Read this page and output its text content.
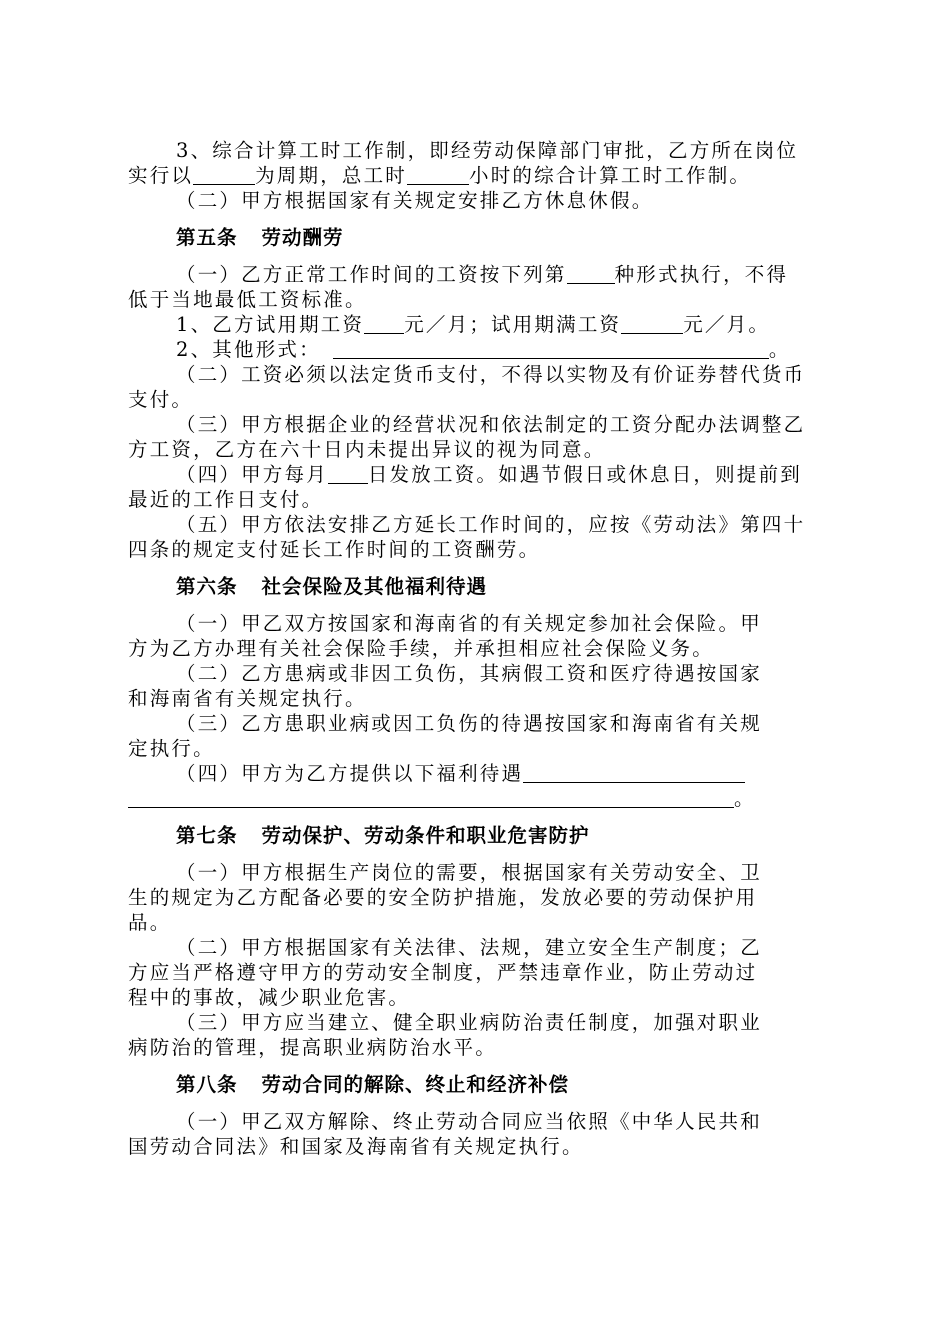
3、综合计算工时工作制，即经劳动保障部门审批，乙方所在岗位
实行以	为周期，总工时	小时的综合计算工时工作制。
（二）甲方根据国家有关规定安排乙方休息休假。
第五条 劳动酬劳
（一）乙方正常工作时间的工资按下列第 种形式执行，不得
低于当地最低工资标准。
1、乙方试用期工资 元／月；试用期满工资	元／月。
2、其他形式：	。
（二）工资必须以法定货币支付，不得以实物及有价证券替代货币
支付。
（三）甲方根据企业的经营状况和依法制定的工资分配办法调整乙
方工资，乙方在六十日内未提出异议的视为同意。
（四）甲方每月 日发放工资。如遇节假日或休息日，则提前到
最近的工作日支付。
（五）甲方依法安排乙方延长工作时间的，应按《劳动法》第四十
四条的规定支付延长工作时间的工资酬劳。
第六条 社会保险及其他福利待遇
（一）甲乙双方按国家和海南省的有关规定参加社会保险。甲
方为乙方办理有关社会保险手续，并承担相应社会保险义务。
（二）乙方患病或非因工负伤，其病假工资和医疗待遇按国家
和海南省有关规定执行。
（三）乙方患职业病或因工负伤的待遇按国家和海南省有关规
定执行。
（四）甲方为乙方提供以下福利待遇
。
第七条 劳动保护、劳动条件和职业危害防护
（一）甲方根据生产岗位的需要，根据国家有关劳动安全、卫
生的规定为乙方配备必要的安全防护措施，发放必要的劳动保护用
品。
（二）甲方根据国家有关法律、法规，建立安全生产制度；乙
方应当严格遵守甲方的劳动安全制度，严禁违章作业，防止劳动过
程中的事故，减少职业危害。
（三）甲方应当建立、健全职业病防治责任制度，加强对职业
病防治的管理，提高职业病防治水平。
第八条 劳动合同的解除、终止和经济补偿
（一）甲乙双方解除、终止劳动合同应当依照《中华人民共和
国劳动合同法》和国家及海南省有关规定执行。
